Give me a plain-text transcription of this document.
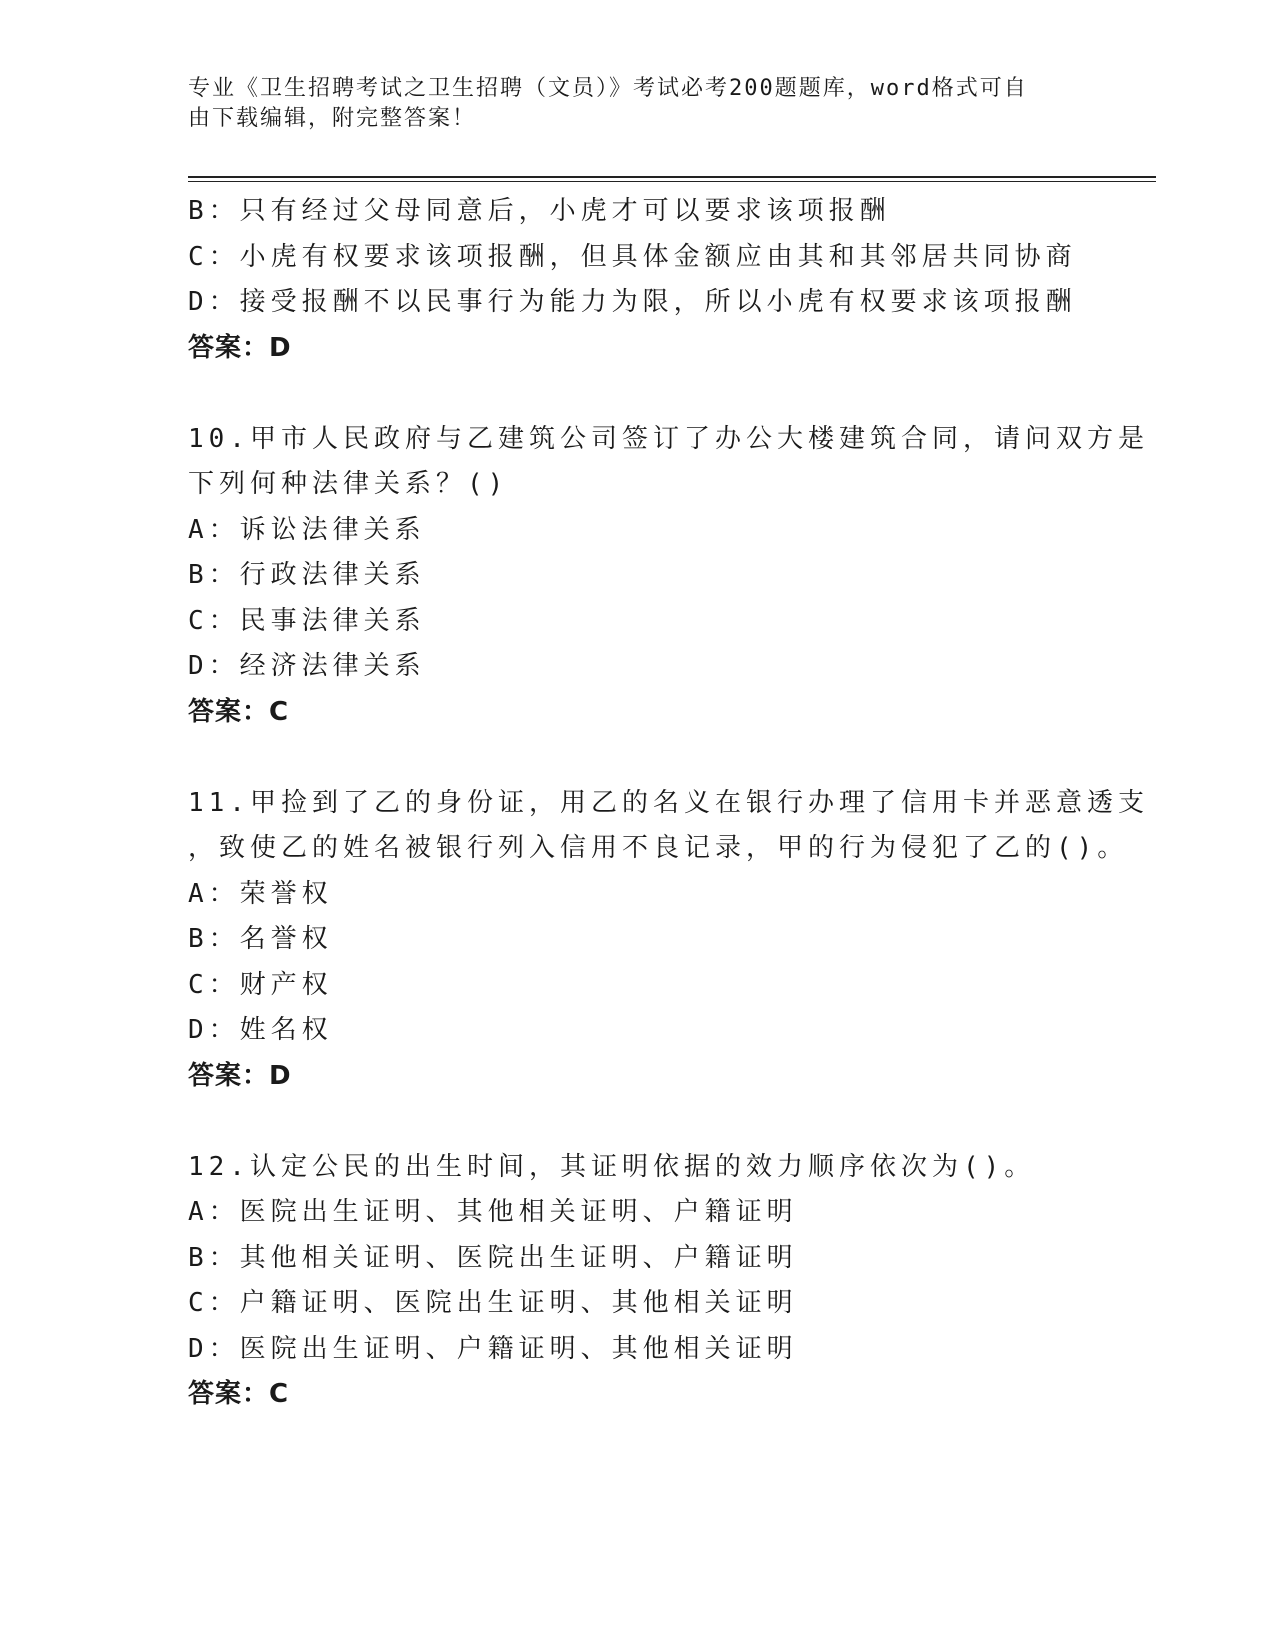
专业《卫生招聘考试之卫生招聘（文员）》考试必考200题题库，word格式可自
由下载编辑，附完整答案！
B：只有经过父母同意后，小虎才可以要求该项报酬
C：小虎有权要求该项报酬，但具体金额应由其和其邻居共同协商
D：接受报酬不以民事行为能力为限，所以小虎有权要求该项报酬
答案：D
10.甲市人民政府与乙建筑公司签订了办公大楼建筑合同，请问双方是
下列何种法律关系？()
A：诉讼法律关系
B：行政法律关系
C：民事法律关系
D：经济法律关系
答案：C
11.甲捡到了乙的身份证，用乙的名义在银行办理了信用卡并恶意透支
，致使乙的姓名被银行列入信用不良记录，甲的行为侵犯了乙的()。
A：荣誉权
B：名誉权
C：财产权
D：姓名权
答案：D
12.认定公民的出生时间，其证明依据的效力顺序依次为()。
A：医院出生证明、其他相关证明、户籍证明
B：其他相关证明、医院出生证明、户籍证明
C：户籍证明、医院出生证明、其他相关证明
D：医院出生证明、户籍证明、其他相关证明
答案：C
